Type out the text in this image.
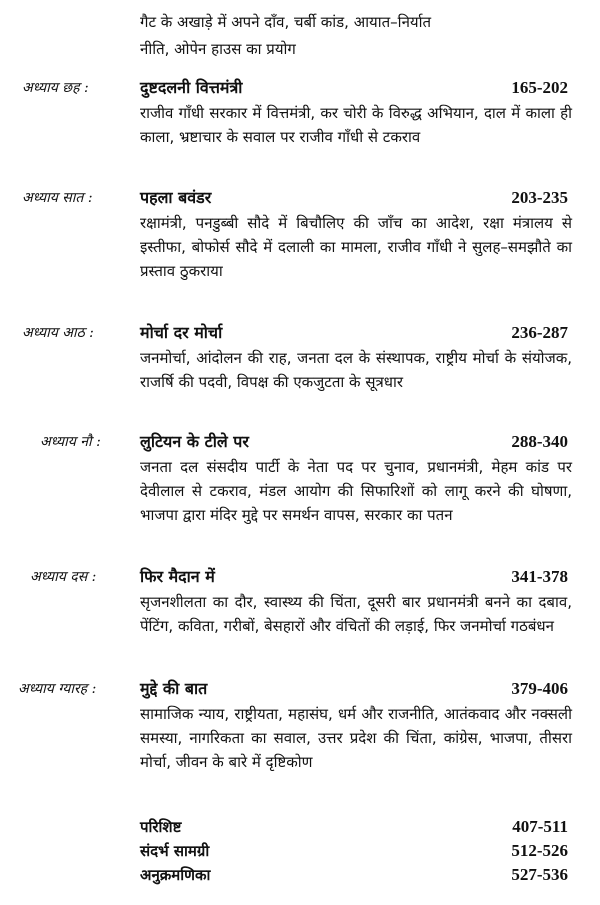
गैट के अखाड़े में अपने दाँव, चर्बी कांड, आयात–निर्यात
नीति, ओपेन हाउस का प्रयोग
अध्याय छह :	दुष्टदलनी वित्तमंत्री	165-202
राजीव गाँधी सरकार में वित्तमंत्री, कर चोरी के विरुद्ध अभियान, दाल में काला ही काला, भ्रष्टाचार के सवाल पर राजीव गाँधी से टकराव
अध्याय सात :	पहला बवंडर	203-235
रक्षामंत्री, पनडुब्बी सौदे में बिचौलिए की जाँच का आदेश, रक्षा मंत्रालय से इस्तीफा, बोफोर्स सौदे में दलाली का मामला, राजीव गाँधी ने सुलह–समझौते का प्रस्ताव ठुकराया
अध्याय आठ :	मोर्चा दर मोर्चा	236-287
जनमोर्चा, आंदोलन की राह, जनता दल के संस्थापक, राष्ट्रीय मोर्चा के संयोजक, राजर्षि की पदवी, विपक्ष की एकजुटता के सूत्रधार
अध्याय नौ :	लुटियन के टीले पर	288-340
जनता दल संसदीय पार्टी के नेता पद पर चुनाव, प्रधानमंत्री, मेहम कांड पर देवीलाल से टकराव, मंडल आयोग की सिफारिशों को लागू करने की घोषणा, भाजपा द्वारा मंदिर मुद्दे पर समर्थन वापस, सरकार का पतन
अध्याय दस :	फिर मैदान में	341-378
सृजनशीलता का दौर, स्वास्थ्य की चिंता, दूसरी बार प्रधानमंत्री बनने का दबाव, पेंटिंग, कविता, गरीबों, बेसहारों और वंचितों की लड़ाई, फिर जनमोर्चा गठबंधन
अध्याय ग्यारह :	मुद्दे की बात	379-406
सामाजिक न्याय, राष्ट्रीयता, महासंघ, धर्म और राजनीति, आतंकवाद और नक्सली समस्या, नागरिकता का सवाल, उत्तर प्रदेश की चिंता, कांग्रेस, भाजपा, तीसरा मोर्चा, जीवन के बारे में दृष्टिकोण
परिशिष्ट	407-511
संदर्भ सामग्री	512-526
अनुक्रमणिका	527-536
